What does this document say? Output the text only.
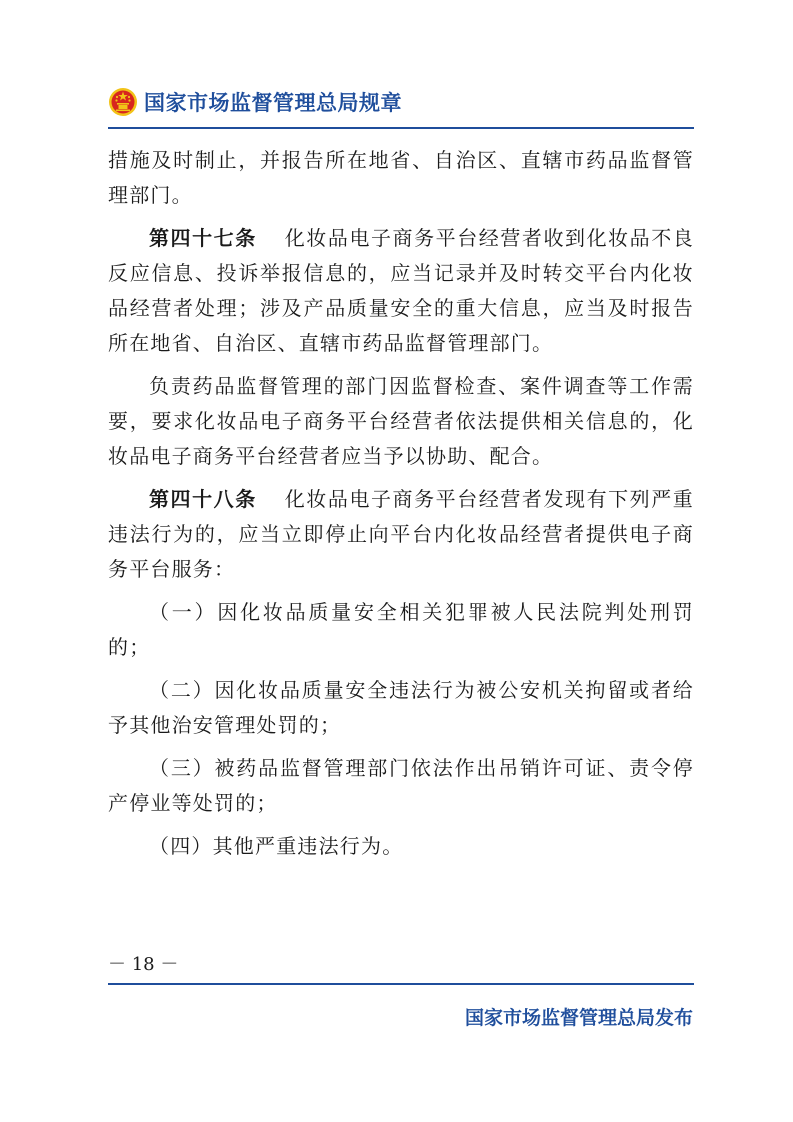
国家市场监督管理总局规章

措施及时制止，并报告所在地省、自治区、直辖市药品监督管理部门。

第四十七条 化妆品电子商务平台经营者收到化妆品不良反应信息、投诉举报信息的，应当记录并及时转交平台内化妆品经营者处理；涉及产品质量安全的重大信息，应当及时报告所在地省、自治区、直辖市药品监督管理部门。

负责药品监督管理的部门因监督检查、案件调查等工作需要，要求化妆品电子商务平台经营者依法提供相关信息的，化妆品电子商务平台经营者应当予以协助、配合。

第四十八条 化妆品电子商务平台经营者发现有下列严重违法行为的，应当立即停止向平台内化妆品经营者提供电子商务平台服务：

（一）因化妆品质量安全相关犯罪被人民法院判处刑罚的；

（二）因化妆品质量安全违法行为被公安机关拘留或者给予其他治安管理处罚的；

（三）被药品监督管理部门依法作出吊销许可证、责令停产停业等处罚的；

（四）其他严重违法行为。

－ 18 －
国家市场监督管理总局发布
